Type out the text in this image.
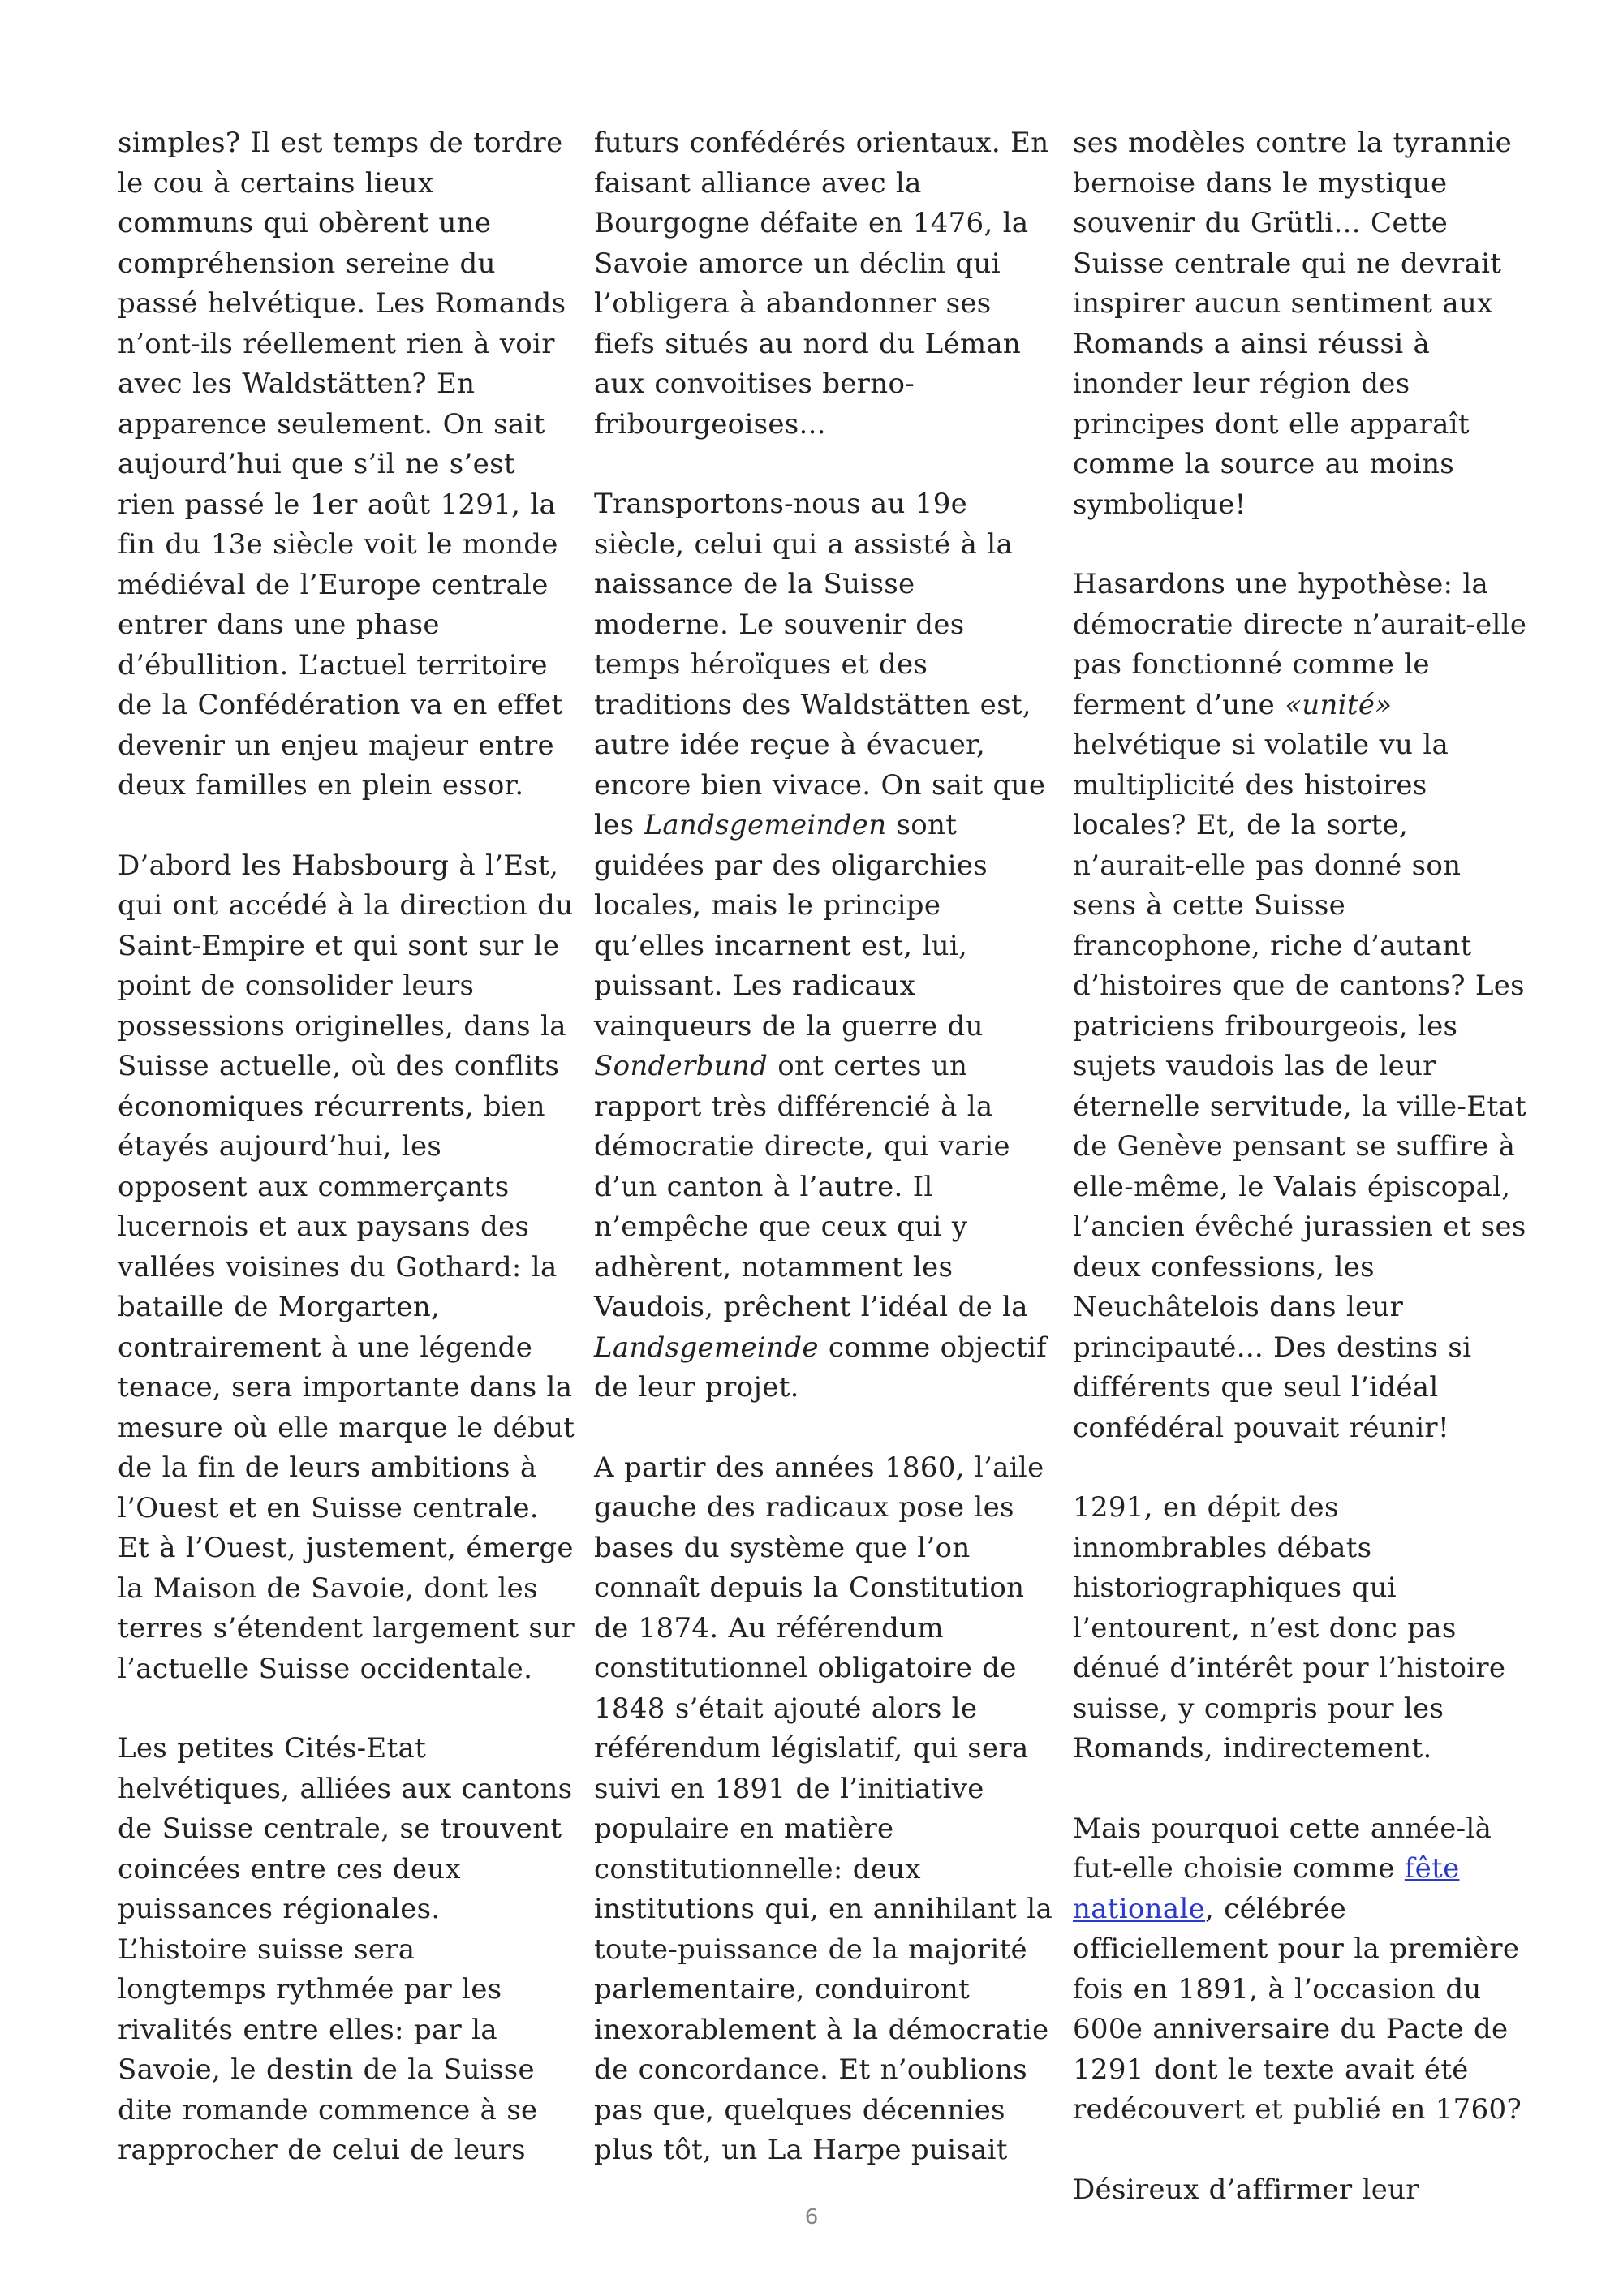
simples? Il est temps de tordre
le cou à certains lieux
communs qui obèrent une
compréhension sereine du
passé helvétique. Les Romands
n’ont-ils réellement rien à voir
avec les Waldstätten? En
apparence seulement. On sait
aujourd’hui que s’il ne s’est
rien passé le 1er août 1291, la
fin du 13e siècle voit le monde
médiéval de l’Europe centrale
entrer dans une phase
d’ébullition. L’actuel territoire
de la Confédération va en effet
devenir un enjeu majeur entre
deux familles en plein essor.
D’abord les Habsbourg à l’Est,
qui ont accédé à la direction du
Saint-Empire et qui sont sur le
point de consolider leurs
possessions originelles, dans la
Suisse actuelle, où des conflits
économiques récurrents, bien
étayés aujourd’hui, les
opposent aux commerçants
lucernois et aux paysans des
vallées voisines du Gothard: la
bataille de Morgarten,
contrairement à une légende
tenace, sera importante dans la
mesure où elle marque le début
de la fin de leurs ambitions à
l’Ouest et en Suisse centrale.
Et à l’Ouest, justement, émerge
la Maison de Savoie, dont les
terres s’étendent largement sur
l’actuelle Suisse occidentale.
Les petites Cités-Etat
helvétiques, alliées aux cantons
de Suisse centrale, se trouvent
coincées entre ces deux
puissances régionales.
L’histoire suisse sera
longtemps rythmée par les
rivalités entre elles: par la
Savoie, le destin de la Suisse
dite romande commence à se
rapprocher de celui de leurs
futurs confédérés orientaux. En
faisant alliance avec la
Bourgogne défaite en 1476, la
Savoie amorce un déclin qui
l’obligera à abandonner ses
fiefs situés au nord du Léman
aux convoitises berno-
fribourgeoises...
Transportons-nous au 19e
siècle, celui qui a assisté à la
naissance de la Suisse
moderne. Le souvenir des
temps héroïques et des
traditions des Waldstätten est,
autre idée reçue à évacuer,
encore bien vivace. On sait que
les Landsgemeinden sont
guidées par des oligarchies
locales, mais le principe
qu’elles incarnent est, lui,
puissant. Les radicaux
vainqueurs de la guerre du
Sonderbund ont certes un
rapport très différencié à la
démocratie directe, qui varie
d’un canton à l’autre. Il
n’empêche que ceux qui y
adhèrent, notamment les
Vaudois, prêchent l’idéal de la
Landsgemeinde comme objectif
de leur projet.
A partir des années 1860, l’aile
gauche des radicaux pose les
bases du système que l’on
connaît depuis la Constitution
de 1874. Au référendum
constitutionnel obligatoire de
1848 s’était ajouté alors le
référendum législatif, qui sera
suivi en 1891 de l’initiative
populaire en matière
constitutionnelle: deux
institutions qui, en annihilant la
toute-puissance de la majorité
parlementaire, conduiront
inexorablement à la démocratie
de concordance. Et n’oublions
pas que, quelques décennies
plus tôt, un La Harpe puisait
ses modèles contre la tyrannie
bernoise dans le mystique
souvenir du Grütli... Cette
Suisse centrale qui ne devrait
inspirer aucun sentiment aux
Romands a ainsi réussi à
inonder leur région des
principes dont elle apparaît
comme la source au moins
symbolique!
Hasardons une hypothèse: la
démocratie directe n’aurait-elle
pas fonctionné comme le
ferment d’une «unité»
helvétique si volatile vu la
multiplicité des histoires
locales? Et, de la sorte,
n’aurait-elle pas donné son
sens à cette Suisse
francophone, riche d’autant
d’histoires que de cantons? Les
patriciens fribourgeois, les
sujets vaudois las de leur
éternelle servitude, la ville-Etat
de Genève pensant se suffire à
elle-même, le Valais épiscopal,
l’ancien évêché jurassien et ses
deux confessions, les
Neuchâtelois dans leur
principauté... Des destins si
différents que seul l’idéal
confédéral pouvait réunir!
1291, en dépit des
innombrables débats
historiographiques qui
l’entourent, n’est donc pas
dénué d’intérêt pour l’histoire
suisse, y compris pour les
Romands, indirectement.
Mais pourquoi cette année-là
fut-elle choisie comme fête
nationale, célébrée
officiellement pour la première
fois en 1891, à l’occasion du
600e anniversaire du Pacte de
1291 dont le texte avait été
redécouvert et publié en 1760?
Désireux d’affirmer leur
6
